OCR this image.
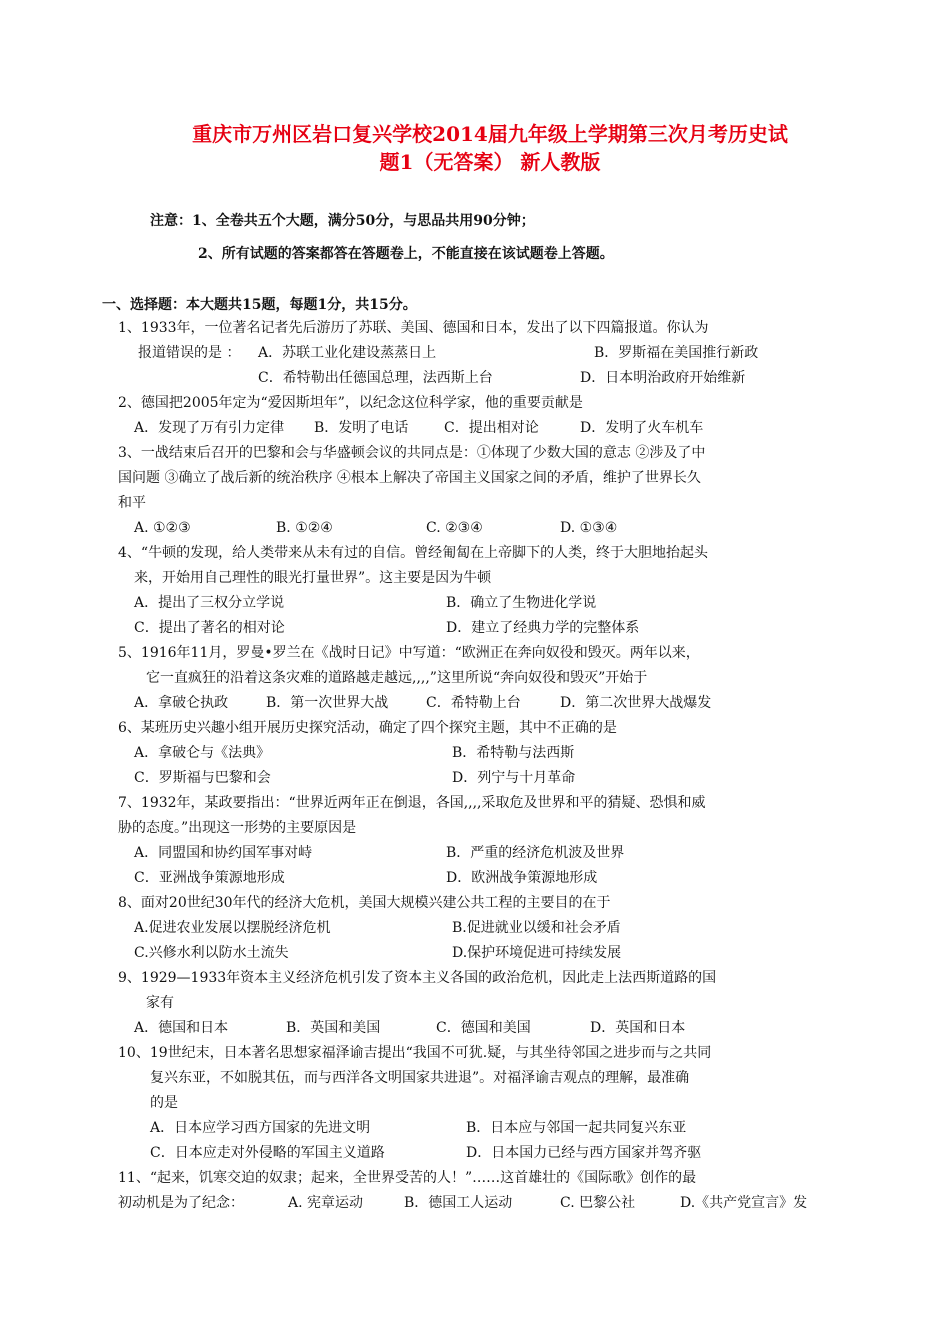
重庆市万州区岩口复兴学校2014届九年级上学期第三次月考历史试
题1（无答案） 新人教版
注意：1、全卷共五个大题，满分50分，与思品共用90分钟；
2、所有试题的答案都答在答题卷上，不能直接在该试题卷上答题。
一、选择题：本大题共15题，每题1分，共15分。
1、1933年，一位著名记者先后游历了苏联、美国、德国和日本，发出了以下四篇报道。你认为
报道错误的是 ： A．苏联工业化建设蒸蒸日上	B．罗斯福在美国推行新政
C．希特勒出任德国总理，法西斯上台	D．日本明治政府开始维新
2、德国把2005年定为“爱因斯坦年”，以纪念这位科学家，他的重要贡献是
A．发现了万有引力定律 B．发明了电话	C．提出相对论	D．发明了火车机车
3、一战结束后召开的巴黎和会与华盛顿会议的共同点是：①体现了少数大国的意志 ②涉及了中
国问题 ③确立了战后新的统治秩序 ④根本上解决了帝国主义国家之间的矛盾，维护了世界长久
和平
A. ①②③	B. ①②④	C. ②③④	D. ①③④
4、“牛顿的发现，给人类带来从未有过的自信。曾经匍匐在上帝脚下的人类，终于大胆地抬起头
来，开始用自己理性的眼光打量世界”。这主要是因为牛顿
A．提出了三权分立学说	B．确立了生物进化学说
C．提出了著名的相对论	D．建立了经典力学的完整体系
5、1916年11月，罗曼•罗兰在《战时日记》中写道：“欧洲正在奔向奴役和毁灭。两年以来，
它一直疯狂的沿着这条灾难的道路越走越远,,,,”这里所说“奔向奴役和毁灭”开始于
A．拿破仑执政	B．第一次世界大战	C．希特勒上台	D．第二次世界大战爆发
6、某班历史兴趣小组开展历史探究活动，确定了四个探究主题，其中不正确的是
A．拿破仑与《法典》	B．希特勒与法西斯
C．罗斯福与巴黎和会	D．列宁与十月革命
7、1932年，某政要指出：“世界近两年正在倒退，各国,,,,采取危及世界和平的猜疑、恐惧和威
胁的态度。”出现这一形势的主要原因是
A．同盟国和协约国军事对峙	B．严重的经济危机波及世界
C．亚洲战争策源地形成	D．欧洲战争策源地形成
8、面对20世纪30年代的经济大危机，美国大规模兴建公共工程的主要目的在于
A.促进农业发展以摆脱经济危机	B.促进就业以缓和社会矛盾
C.兴修水利以防水土流失	D.保护环境促进可持续发展
9、1929—1933年资本主义经济危机引发了资本主义各国的政治危机，因此走上法西斯道路的国
家有
A．德国和日本	B．英国和美国	C．德国和美国	D．英国和日本
10、19世纪末，日本著名思想家福泽谕吉提出“我国不可犹.疑，与其坐待邻国之进步而与之共同
复兴东亚，不如脱其伍，而与西洋各文明国家共进退”。对福泽谕吉观点的理解，最准确
的是
A．日本应学习西方国家的先进文明	B．日本应与邻国一起共同复兴东亚
C．日本应走对外侵略的军国主义道路	D．日本国力已经与西方国家并驾齐驱
11、“起来，饥寒交迫的奴隶；起来，全世界受苦的人！”……这首雄壮的《国际歌》创作的最
初动机是为了纪念：	A. 宪章运动	B．德国工人运动	C. 巴黎公社	D.《共产党宣言》发
